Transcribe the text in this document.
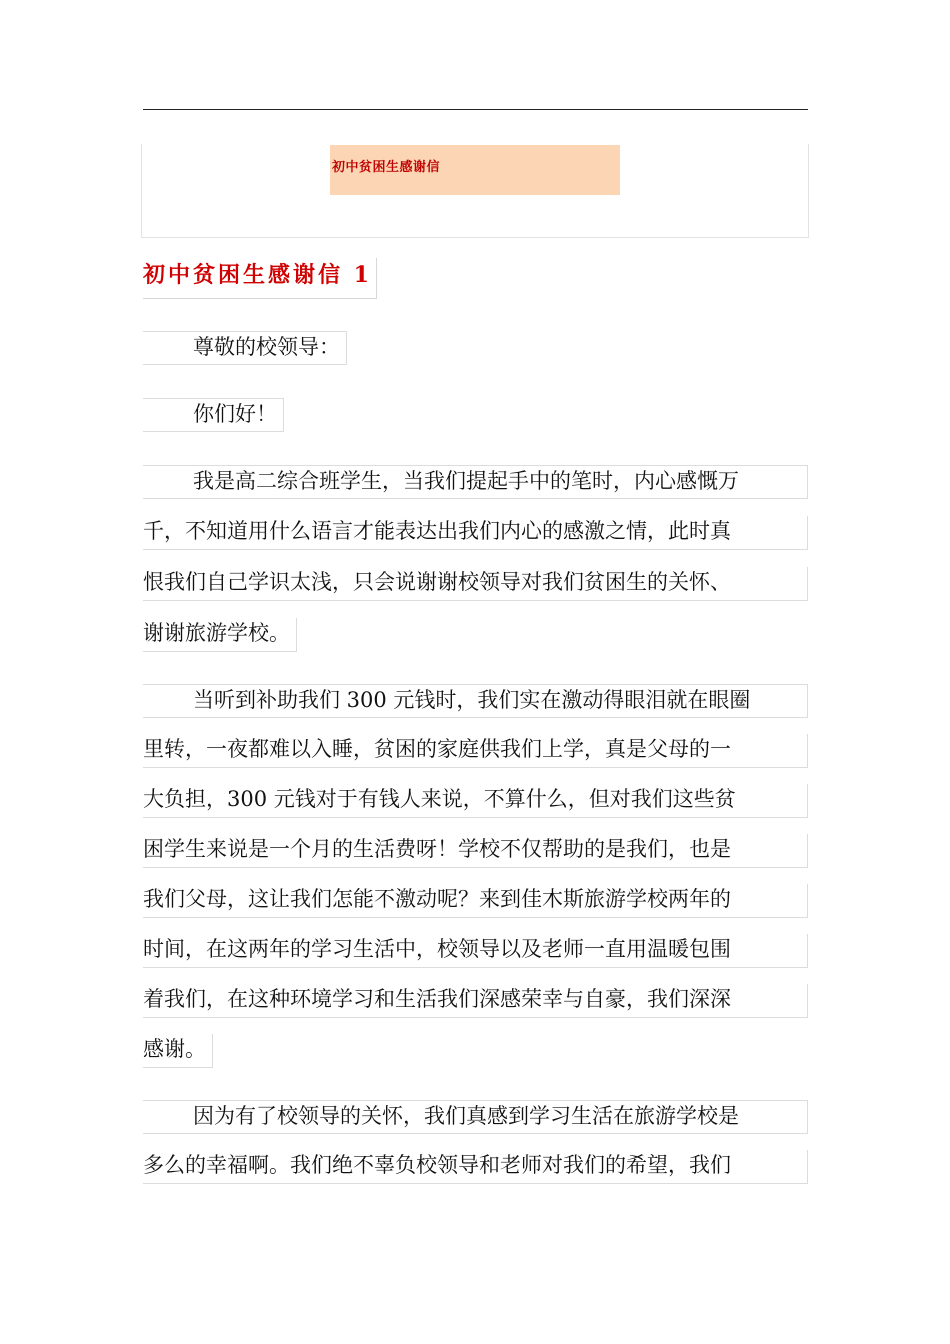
初中贫困生感谢信
初中贫困生感谢信 1
尊敬的校领导：
你们好！
我是高二综合班学生，当我们提起手中的笔时，内心感慨万
千，不知道用什么语言才能表达出我们内心的感激之情，此时真
恨我们自己学识太浅，只会说谢谢校领导对我们贫困生的关怀、
谢谢旅游学校。
当听到补助我们 300 元钱时，我们实在激动得眼泪就在眼圈
里转，一夜都难以入睡，贫困的家庭供我们上学，真是父母的一
大负担，300 元钱对于有钱人来说，不算什么，但对我们这些贫
困学生来说是一个月的生活费呀！学校不仅帮助的是我们，也是
我们父母，这让我们怎能不激动呢？来到佳木斯旅游学校两年的
时间，在这两年的学习生活中，校领导以及老师一直用温暖包围
着我们，在这种环境学习和生活我们深感荣幸与自豪，我们深深
感谢。
因为有了校领导的关怀，我们真感到学习生活在旅游学校是
多么的幸福啊。我们绝不辜负校领导和老师对我们的希望，我们
